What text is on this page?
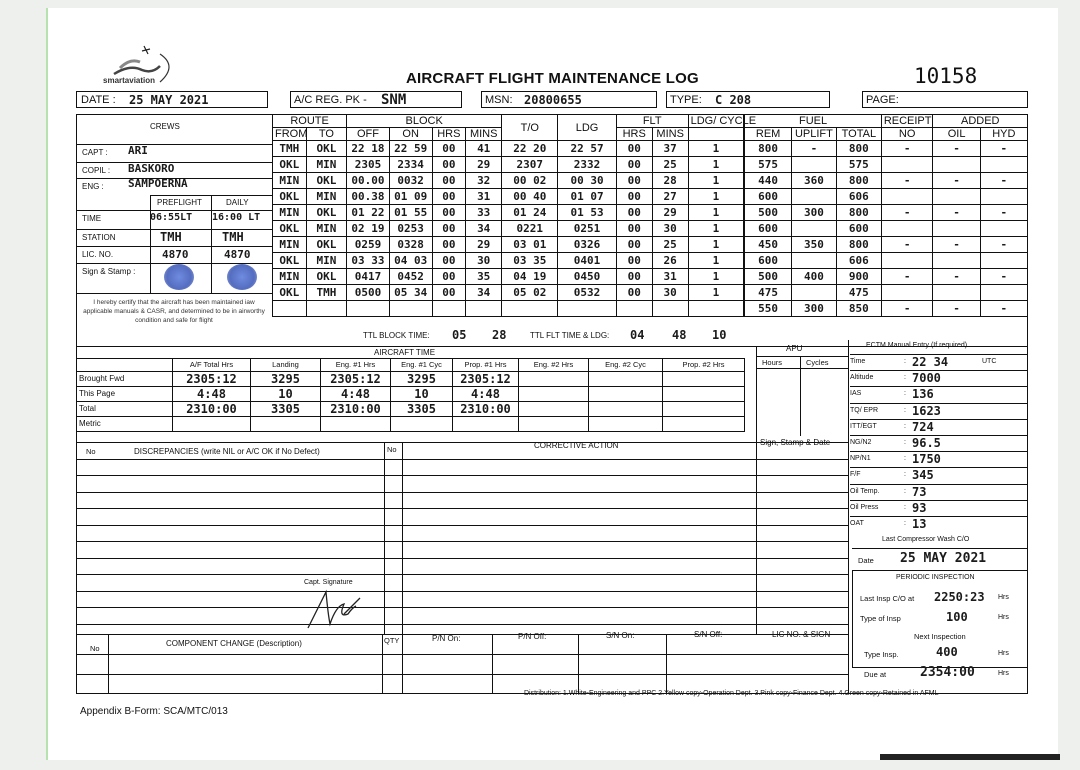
smartaviation	AIRCRAFT FLIGHT MAINTENANCE LOG	10158
DATE : 25 MAY 2021	A/C REG. PK - SNM	MSN: 20800655	TYPE: C 208	PAGE:
ROUTE		BLOCK				T/O	LDG	FLT		LDG/ CYCLE	FUEL			RECEIPT	ADDED	
FROM	TO	OFF	ON	HRS	MINS			HRS	MINS		REM	UPLIFT	TOTAL	NO	OIL	HYD
TMH	OKL	22 18	22 59	00	41	22 20	22 57	00	37	1	800	-	800	-	-	-
OKL	MIN	2305	2334	00	29	2307	2332	00	25	1	575		575			
MIN	OKL	00.00	0032	00	32	00 02	00 30	00	28	1	440	360	800	-	-	-
OKL	MIN	00.38	01 09	00	31	00 40	01 07	00	27	1	600		606			
MIN	OKL	01 22	01 55	00	33	01 24	01 53	00	29	1	500	300	800	-	-	-
OKL	MIN	02 19	0253	00	34	0221	0251	00	30	1	600		600			
MIN	OKL	0259	0328	00	29	03 01	0326	00	25	1	450	350	800	-	-	-
OKL	MIN	03 33	04 03	00	30	03 35	0401	00	26	1	600		606			
MIN	OKL	0417	0452	00	35	04 19	0450	00	31	1	500	400	900	-	-	-
OKL	TMH	0500	05 34	00	34	05 02	0532	00	30	1	475		475			
											550	300	850	-	-	-
CREWS
CAPT : ARI
COPIL : BASKORO
ENG : SAMPOERNA
PREFLIGHT	DAILY
TIME	06:55LT 16:00 LT
STATION	TMH	TMH
LIC. NO.	4870	4870
Sign & Stamp :
I hereby certify that the aircraft has been maintained iaw applicable manuals & CASR, and determined to be in airworthy condition and safe for flight
TTL BLOCK TIME: 05 28	TTL FLT TIME & LDG: 04 48 10
AIRCRAFT TIME
	A/F Total Hrs	Landing	Eng. #1 Hrs	Eng. #1 Cyc	Prop. #1 Hrs	Eng. #2 Hrs	Eng. #2 Cyc	Prop. #2 Hrs
Brought Fwd	2305:12	3295	2305:12	3295	2305:12			
This Page	4:48	10	4:48	10	4:48			
Total	2310:00	3305	2310:00	3305	2310:00			
Metric								
APU
Hours	Cycles
ECTM Manual Entry (If required)
Time	: 22 34	UTC
Altitude	: 7000
IAS	: 136
TQ/ EPR	: 1623
ITT/EGT	: 724
NG/N2	: 96.5
NP/N1	: 1750
F/F	: 345
Oil Temp.	: 73
Oil Press	: 93
OAT	: 13
Last Compressor Wash C/O
Date 25 MAY 2021
PERIODIC INSPECTION
Last Insp C/O at 2250:23 Hrs
Type of Insp	100	Hrs
Next Inspection
Type Insp.	400	Hrs
Due at	2354:00	Hrs
No	DISCREPANCIES (write NIL or A/C OK if No Defect)	No	CORRECTIVE ACTION	Sign, Stamp & Date
Capt. Signature
No
COMPONENT CHANGE (Description)	QTY	P/N On:	P/N Off:	S/N On:	S/N Off:	LIC NO. & SIGN
Distribution: 1.White-Engineering and PPC 2.Yellow copy-Operation Dept. 3.Pink copy-Finance Dept. 4.Green copy-Retained in AFML
Appendix B-Form: SCA/MTC/013
